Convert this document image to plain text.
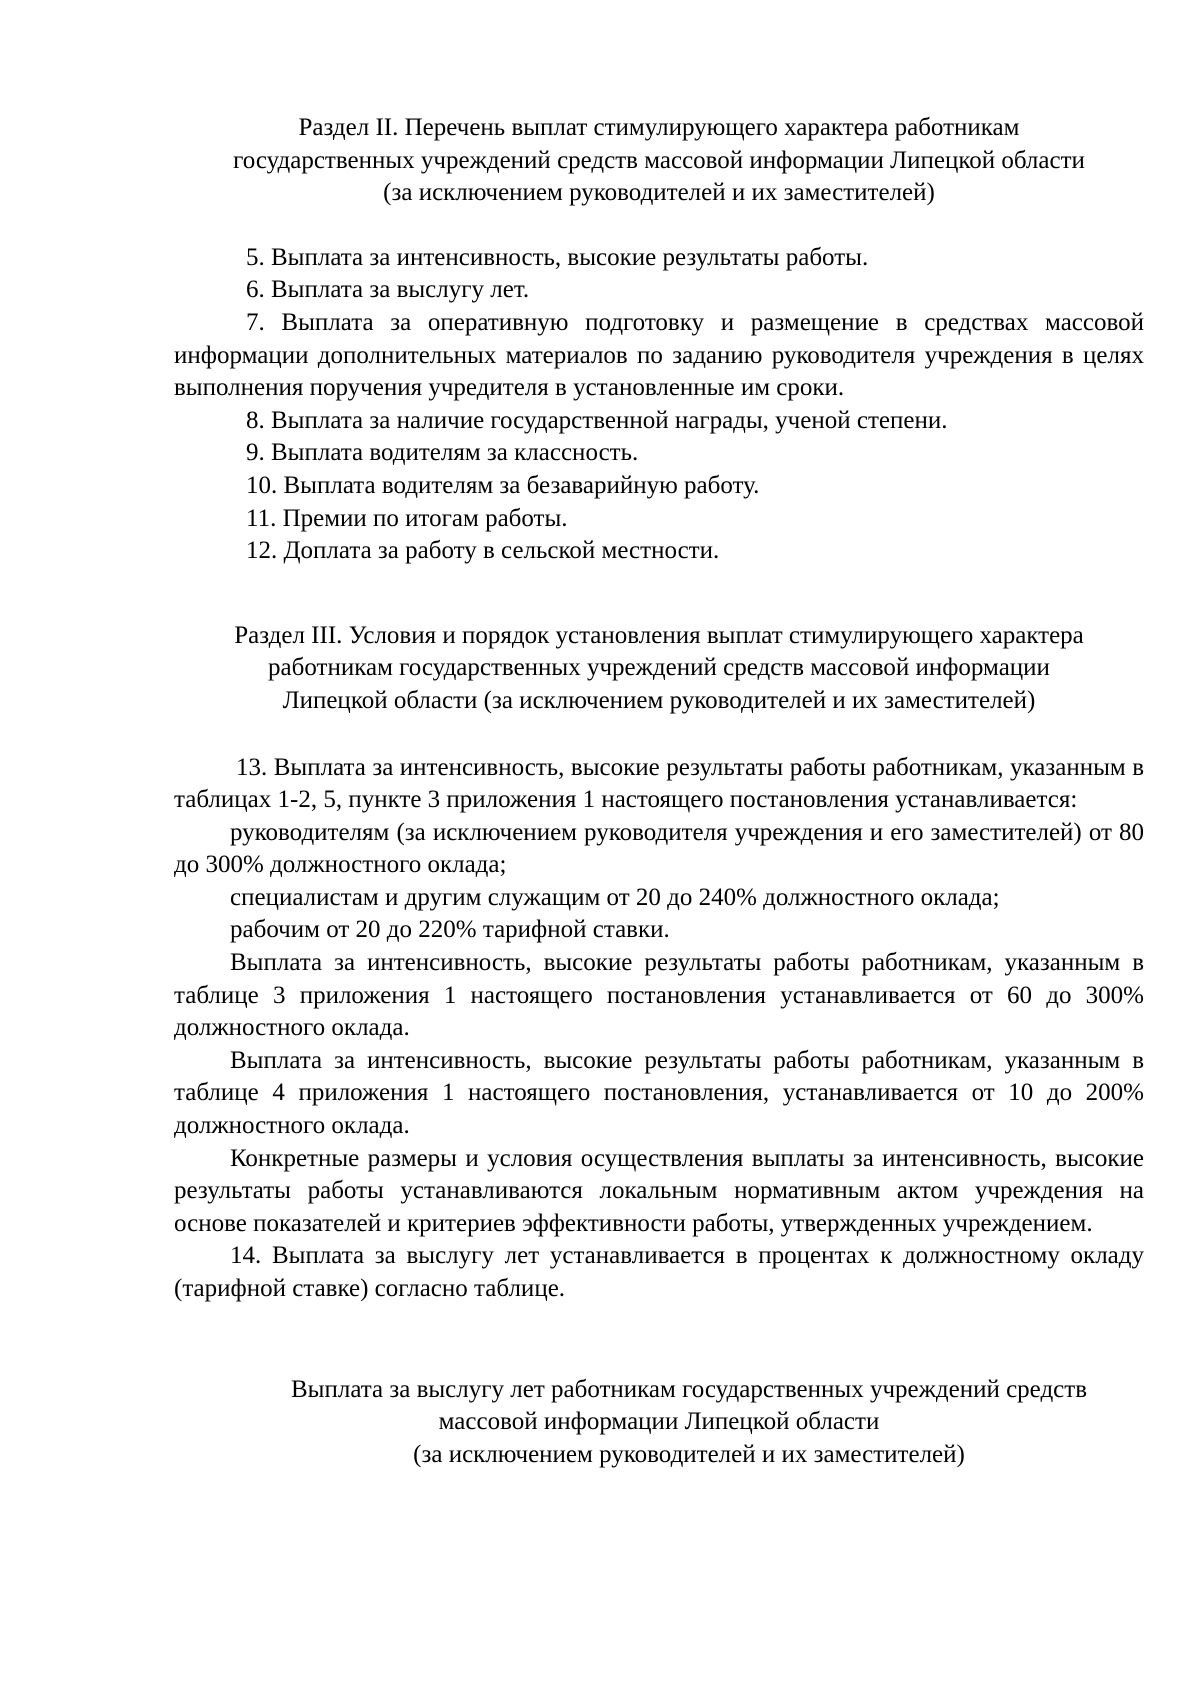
Раздел II. Перечень выплат стимулирующего характера работникам
государственных учреждений средств массовой информации Липецкой области
(за исключением руководителей и их заместителей)

5. Выплата за интенсивность, высокие результаты работы.

6. Выплата за выслугу лет.

7. Выплата за оперативную подготовку и размещение в средствах массовой информации дополнительных материалов по заданию руководителя учреждения в целях выполнения поручения учредителя в установленные им сроки.

8. Выплата за наличие государственной награды, ученой степени.

9. Выплата водителям за классность.

10. Выплата водителям за безаварийную работу.

11. Премии по итогам работы.

12. Доплата за работу в сельской местности.

Раздел III. Условия и порядок установления выплат стимулирующего характера
работникам государственных учреждений средств массовой информации
Липецкой области (за исключением руководителей и их заместителей)

13. Выплата за интенсивность, высокие результаты работы работникам, указанным в таблицах 1-2, 5, пункте 3 приложения 1 настоящего постановления устанавливается:

руководителям (за исключением руководителя учреждения и его заместителей) от 80 до 300% должностного оклада;

специалистам и другим служащим от 20 до 240% должностного оклада;

рабочим от 20 до 220% тарифной ставки.

Выплата за интенсивность, высокие результаты работы работникам, указанным в таблице 3 приложения 1 настоящего постановления устанавливается от 60 до 300% должностного оклада.

Выплата за интенсивность, высокие результаты работы работникам, указанным в таблице 4 приложения 1 настоящего постановления, устанавливается от 10 до 200% должностного оклада.

Конкретные размеры и условия осуществления выплаты за интенсивность, высокие результаты работы устанавливаются локальным нормативным актом учреждения на основе показателей и критериев эффективности работы, утвержденных учреждением.

14. Выплата за выслугу лет устанавливается в процентах к должностному окладу (тарифной ставке) согласно таблице.

Выплата за выслугу лет работникам государственных учреждений средств
массовой информации Липецкой области
(за исключением руководителей и их заместителей)
